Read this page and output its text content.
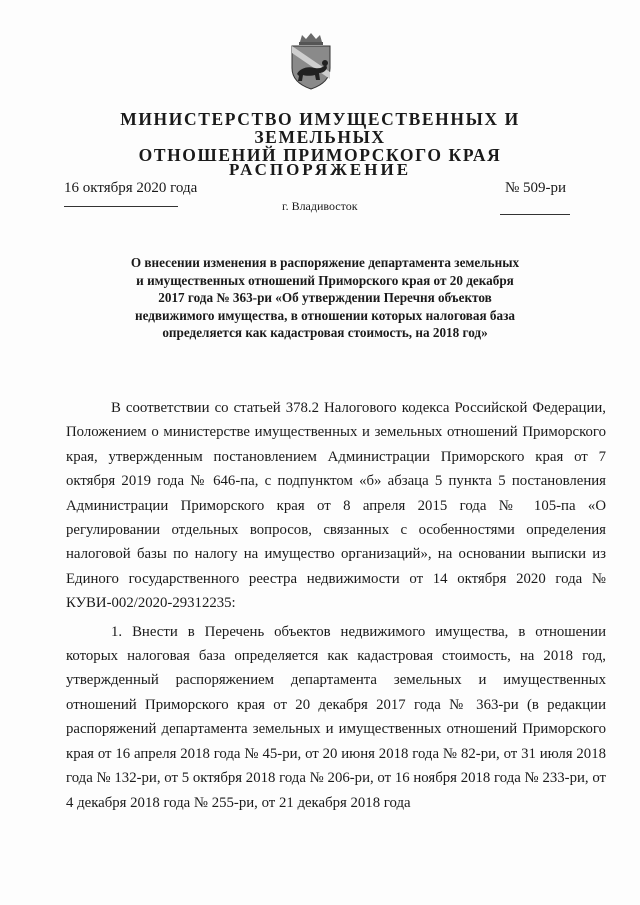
МИНИСТЕРСТВО ИМУЩЕСТВЕННЫХ И ЗЕМЕЛЬНЫХ
ОТНОШЕНИЙ ПРИМОРСКОГО КРАЯ
РАСПОРЯЖЕНИЕ
16 октября 2020 года
г. Владивосток
№ 509-ри
О внесении изменения в распоряжение департамента земельных и имущественных отношений Приморского края от 20 декабря 2017 года № 363-ри «Об утверждении Перечня объектов недвижимого имущества, в отношении которых налоговая база определяется как кадастровая стоимость, на 2018 год»

В соответствии со статьей 378.2 Налогового кодекса Российской Федерации, Положением о министерстве имущественных и земельных отношений Приморского края, утвержденным постановлением Администрации Приморского края от 7 октября 2019 года № 646-па, с подпунктом «б» абзаца 5 пункта 5 постановления Администрации Приморского края от 8 апреля 2015 года № 105-па «О регулировании отдельных вопросов, связанных с особенностями определения налоговой базы по налогу на имущество организаций», на основании выписки из Единого государственного реестра недвижимости от 14 октября 2020 года № КУВИ-002/2020-29312235:

1. Внести в Перечень объектов недвижимого имущества, в отношении которых налоговая база определяется как кадастровая стоимость, на 2018 год, утвержденный распоряжением департамента земельных и имущественных отношений Приморского края от 20 декабря 2017 года № 363-ри (в редакции распоряжений департамента земельных и имущественных отношений Приморского края от 16 апреля 2018 года № 45-ри, от 20 июня 2018 года № 82-ри, от 31 июля 2018 года № 132-ри, от 5 октября 2018 года № 206-ри, от 16 ноября 2018 года № 233-ри, от 4 декабря 2018 года № 255-ри, от 21 декабря 2018 года
